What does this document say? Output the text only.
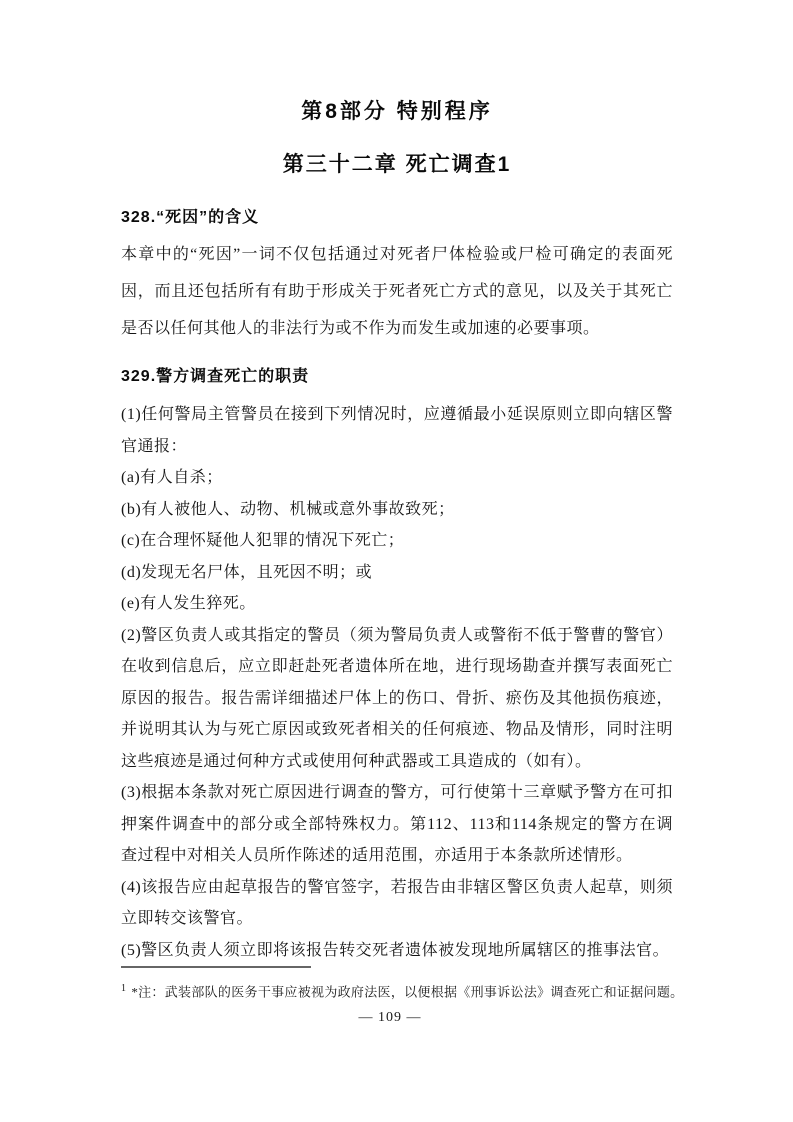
第8部分 特别程序
第三十二章 死亡调查1
328.“死因”的含义

本章中的“死因”一词不仅包括通过对死者尸体检验或尸检可确定的表面死因，而且还包括所有有助于形成关于死者死亡方式的意见，以及关于其死亡是否以任何其他人的非法行为或不作为而发生或加速的必要事项。

329.警方调查死亡的职责

(1)任何警局主管警员在接到下列情况时，应遵循最小延误原则立即向辖区警官通报：

(a)有人自杀；

(b)有人被他人、动物、机械或意外事故致死；

(c)在合理怀疑他人犯罪的情况下死亡；

(d)发现无名尸体，且死因不明；或

(e)有人发生猝死。

(2)警区负责人或其指定的警员（须为警局负责人或警衔不低于警曹的警官）在收到信息后，应立即赶赴死者遗体所在地，进行现场勘查并撰写表面死亡原因的报告。报告需详细描述尸体上的伤口、骨折、瘀伤及其他损伤痕迹，并说明其认为与死亡原因或致死者相关的任何痕迹、物品及情形，同时注明这些痕迹是通过何种方式或使用何种武器或工具造成的（如有）。

(3)根据本条款对死亡原因进行调查的警方，可行使第十三章赋予警方在可扣押案件调查中的部分或全部特殊权力。第112、113和114条规定的警方在调查过程中对相关人员所作陈述的适用范围，亦适用于本条款所述情形。

(4)该报告应由起草报告的警官签字，若报告由非辖区警区负责人起草，则须立即转交该警官。

(5)警区负责人须立即将该报告转交死者遗体被发现地所属辖区的推事法官。

$^1$ *注：武装部队的医务干事应被视为政府法医，以便根据《刑事诉讼法》调查死亡和证据问题。

— 109 —
